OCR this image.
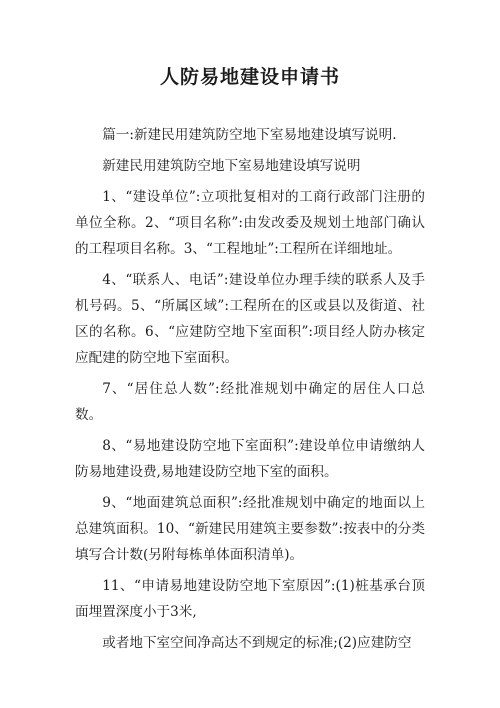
人防易地建设申请书

篇一:新建民用建筑防空地下室易地建设填写说明.

新建民用建筑防空地下室易地建设填写说明

1、“建设单位”:立项批复相对的工商行政部门注册的单位全称。2、“项目名称”:由发改委及规划土地部门确认的工程项目名称。3、“工程地址”:工程所在详细地址。

4、“联系人、电话”:建设单位办理手续的联系人及手机号码。5、“所属区域”:工程所在的区或县以及街道、社区的名称。6、“应建防空地下室面积”:项目经人防办核定应配建的防空地下室面积。

7、“居住总人数”:经批准规划中确定的居住人口总数。

8、“易地建设防空地下室面积”:建设单位申请缴纳人防易地建设费,易地建设防空地下室的面积。

9、“地面建筑总面积”:经批准规划中确定的地面以上总建筑面积。10、“新建民用建筑主要参数”:按表中的分类填写合计数(另附每栋单体面积清单)。

11、“申请易地建设防空地下室原因”:(1)桩基承台顶面埋置深度小于3米,

或者地下室空间净高达不到规定的标准;(2)应建防空
